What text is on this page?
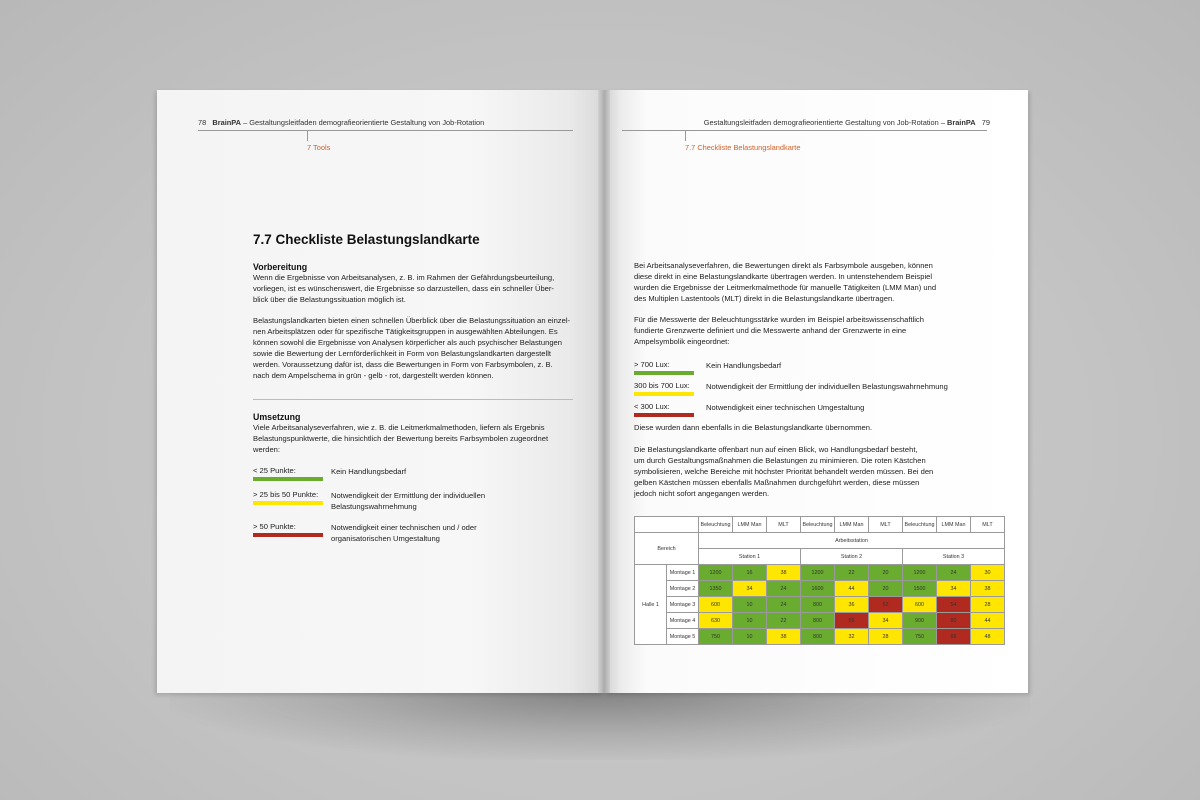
78 BrainPA – Gestaltungsleitfaden demografieorientierte Gestaltung von Job-Rotation
7 Tools
7.7 Checkliste Belastungslandkarte
Vorbereitung
Wenn die Ergebnisse von Arbeitsanalysen, z. B. im Rahmen der Gefährdungsbeurteilung,
vorliegen, ist es wünschenswert, die Ergebnisse so darzustellen, dass ein schneller Über-
blick über die Belastungssituation möglich ist.
Belastungslandkarten bieten einen schnellen Überblick über die Belastungssituation an einzel-
nen Arbeitsplätzen oder für spezifische Tätigkeitsgruppen in ausgewählten Abteilungen. Es
können sowohl die Ergebnisse von Analysen körperlicher als auch psychischer Belastungen
sowie die Bewertung der Lernförderlichkeit in Form von Belastungslandkarten dargestellt
werden. Voraussetzung dafür ist, dass die Bewertungen in Form von Farbsymbolen, z. B.
nach dem Ampelschema in grün - gelb - rot, dargestellt werden können.
Umsetzung
Viele Arbeitsanalyseverfahren, wie z. B. die Leitmerkmalmethoden, liefern als Ergebnis
Belastungspunktwerte, die hinsichtlich der Bewertung bereits Farbsymbolen zugeordnet
werden:
< 25 Punkte:	Kein Handlungsbedarf
> 25 bis 50 Punkte: Notwendigkeit der Ermittlung der individuellen
Belastungswahrnehmung
> 50 Punkte:	Notwendigkeit einer technischen und / oder
organisatorischen Umgestaltung
Gestaltungsleitfaden demografieorientierte Gestaltung von Job-Rotation – BrainPA 79
7.7 Checkliste Belastungslandkarte
Bei Arbeitsanalyseverfahren, die Bewertungen direkt als Farbsymbole ausgeben, können
diese direkt in eine Belastungslandkarte übertragen werden. In untenstehendem Beispiel
wurden die Ergebnisse der Leitmerkmalmethode für manuelle Tätigkeiten (LMM Man) und
des Multiplen Lastentools (MLT) direkt in die Belastungslandkarte übertragen.
Für die Messwerte der Beleuchtungsstärke wurden im Beispiel arbeitswissenschaftlich
fundierte Grenzwerte definiert und die Messwerte anhand der Grenzwerte in eine
Ampelsymbolik eingeordnet:
> 700 Lux:	Kein Handlungsbedarf
300 bis 700 Lux: Notwendigkeit der Ermittlung der individuellen Belastungswahrnehmung
< 300 Lux:	Notwendigkeit einer technischen Umgestaltung
Diese wurden dann ebenfalls in die Belastungslandkarte übernommen.
Die Belastungslandkarte offenbart nun auf einen Blick, wo Handlungsbedarf besteht,
um durch Gestaltungsmaßnahmen die Belastungen zu minimieren. Die roten Kästchen
symbolisieren, welche Bereiche mit höchster Priorität behandelt werden müssen. Bei den
gelben Kästchen müssen ebenfalls Maßnahmen durchgeführt werden, diese müssen
jedoch nicht sofort angegangen werden.
		Beleuchtung	LMM Man	MLT	Beleuchtung	LMM Man	MLT	Beleuchtung	LMM Man	MLT
Bereich		Arbeitsstation								
		Station 1			Station 2			Station 3		
Halle 1	Montage 1	1200	16	38	1200	22	20	1200	24	30
	Montage 2	1350	34	24	1600	44	20	1500	34	38
	Montage 3	600	10	24	800	36	52	600	54	28
	Montage 4	630	10	22	800	56	34	900	80	44
	Montage 5	750	10	38	800	32	28	750	66	48
